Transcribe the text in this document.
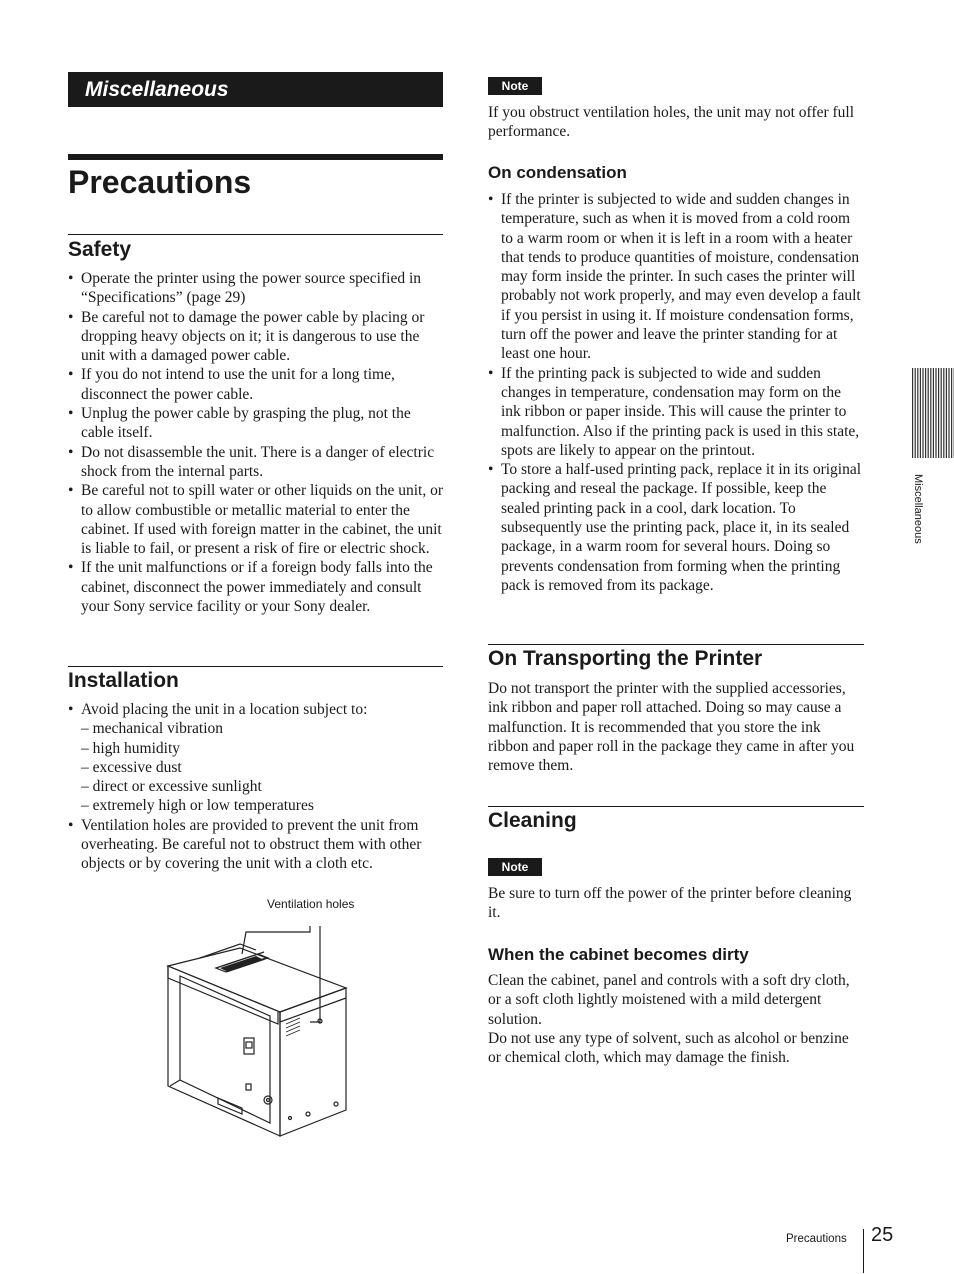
Miscellaneous
Precautions
Safety
• Operate the printer using the power source specified in “Specifications” (page 29)
• Be careful not to damage the power cable by placing or dropping heavy objects on it; it is dangerous to use the unit with a damaged power cable.
• If you do not intend to use the unit for a long time, disconnect the power cable.
• Unplug the power cable by grasping the plug, not the cable itself.
• Do not disassemble the unit. There is a danger of electric shock from the internal parts.
• Be careful not to spill water or other liquids on the unit, or to allow combustible or metallic material to enter the cabinet. If used with foreign matter in the cabinet, the unit is liable to fail, or present a risk of fire or electric shock.
• If the unit malfunctions or if a foreign body falls into the cabinet, disconnect the power immediately and consult your Sony service facility or your Sony dealer.
Installation
• Avoid placing the unit in a location subject to:
– mechanical vibration
– high humidity
– excessive dust
– direct or excessive sunlight
– extremely high or low temperatures
• Ventilation holes are provided to prevent the unit from overheating. Be careful not to obstruct them with other objects or by covering the unit with a cloth etc.
Ventilation holes
Note

If you obstruct ventilation holes, the unit may not offer full performance.

On condensation
• If the printer is subjected to wide and sudden changes in temperature, such as when it is moved from a cold room to a warm room or when it is left in a room with a heater that tends to produce quantities of moisture, condensation may form inside the printer. In such cases the printer will probably not work properly, and may even develop a fault if you persist in using it. If moisture condensation forms, turn off the power and leave the printer standing for at least one hour.
• If the printing pack is subjected to wide and sudden changes in temperature, condensation may form on the ink ribbon or paper inside. This will cause the printer to malfunction. Also if the printing pack is used in this state, spots are likely to appear on the printout.
• To store a half-used printing pack, replace it in its original packing and reseal the package. If possible, keep the sealed printing pack in a cool, dark location. To subsequently use the printing pack, place it, in its sealed package, in a warm room for several hours. Doing so prevents condensation from forming when the printing pack is removed from its package.
On Transporting the Printer

Do not transport the printer with the supplied accessories, ink ribbon and paper roll attached. Doing so may cause a malfunction. It is recommended that you store the ink ribbon and paper roll in the package they came in after you remove them.

Cleaning
Note

Be sure to turn off the power of the printer before cleaning it.

When the cabinet becomes dirty

Clean the cabinet, panel and controls with a soft dry cloth, or a soft cloth lightly moistened with a mild detergent solution.

Do not use any type of solvent, such as alcohol or benzine or chemical cloth, which may damage the finish.

Miscellaneous
Precautions 25
